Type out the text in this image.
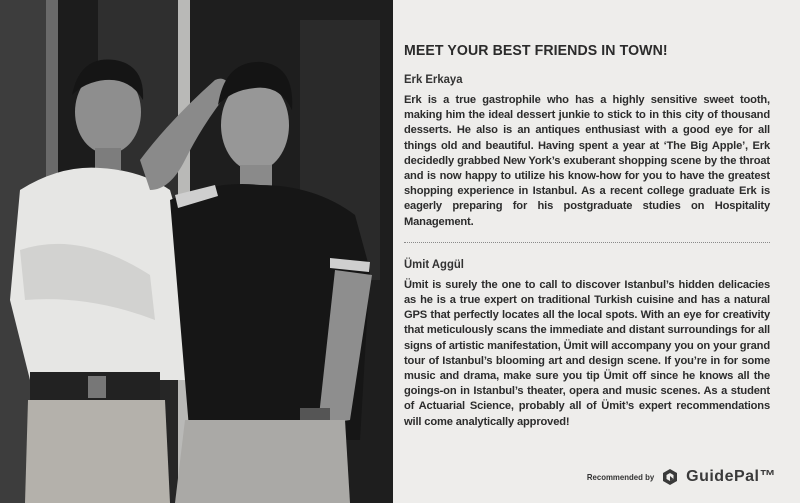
MEET YOUR BEST FRIENDS IN TOWN!
Erk Erkaya

Erk is a true gastrophile who has a highly sensitive sweet tooth, making him the ideal dessert junkie to stick to in this city of thousand desserts. He also is an antiques enthusiast with a good eye for all things old and beautiful. Having spent a year at ‘The Big Apple’, Erk decidedly grabbed New York’s exuberant shopping scene by the throat and is now happy to utilize his know-how for you to have the greatest shopping experience in Istanbul. As a recent college graduate Erk is eagerly preparing for his postgraduate studies on Hospitality Management.

Ümit Aggül

Ümit is surely the one to call to discover Istanbul’s hidden delicacies as he is a true expert on traditional Turkish cuisine and has a natural GPS that perfectly locates all the local spots. With an eye for creativity that meticulously scans the immediate and distant surroundings for all signs of artistic manifestation, Ümit will accompany you on your grand tour of Istanbul’s blooming art and design scene. If you’re in for some music and drama, make sure you tip Ümit off since he knows all the goings-on in Istanbul’s theater, opera and music scenes. As a student of Actuarial Science, probably all of Ümit’s expert recommendations will come analytically approved!

Recommended by GuidePal™
